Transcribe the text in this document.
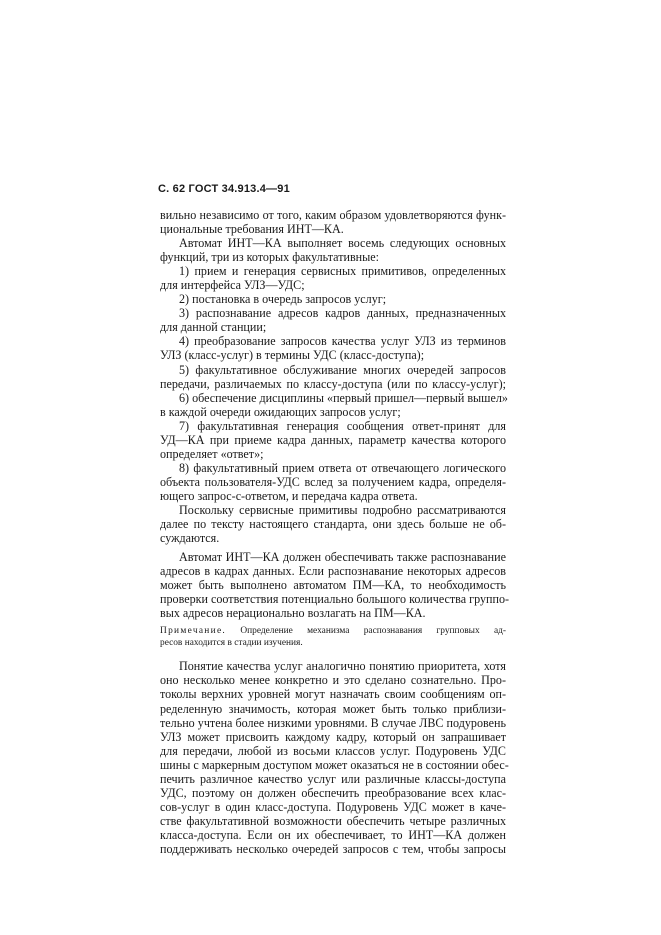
С. 62 ГОСТ 34.913.4—91
вильно независимо от того, каким образом удовлетворяются функ-
циональные требования ИНТ—КА.
Автомат ИНТ—КА выполняет восемь следующих основных
функций, три из которых факультативные:
1) прием и генерация сервисных примитивов, определенных
для интерфейса УЛЗ—УДС;
2) постановка в очередь запросов услуг;
3) распознавание адресов кадров данных, предназначенных
для данной станции;
4) преобразование запросов качества услуг УЛЗ из терминов
УЛЗ (класс-услуг) в термины УДС (класс-доступа);
5) факультативное обслуживание многих очередей запросов
передачи, различаемых по классу-доступа (или по классу-услуг);
6) обеспечение дисциплины «первый пришел—первый вышел»
в каждой очереди ожидающих запросов услуг;
7) факультативная генерация сообщения ответ-принят для
УД—КА при приеме кадра данных, параметр качества которого
определяет «ответ»;
8) факультативный прием ответа от отвечающего логического
объекта пользователя-УДС вслед за получением кадра, определя-
ющего запрос-с-ответом, и передача кадра ответа.
Поскольку сервисные примитивы подробно рассматриваются
далее по тексту настоящего стандарта, они здесь больше не об-
суждаются.
Автомат ИНТ—КА должен обеспечивать также распознавание
адресов в кадрах данных. Если распознавание некоторых адресов
может быть выполнено автоматом ПМ—КА, то необходимость
проверки соответствия потенциально большого количества группо-
вых адресов нерационально возлагать на ПМ—КА.
Примечание. Определение механизма распознавания групповых ад-
ресов находится в стадии изучения.
Понятие качества услуг аналогично понятию приоритета, хотя
оно несколько менее конкретно и это сделано сознательно. Про-
токолы верхних уровней могут назначать своим сообщениям оп-
ределенную значимость, которая может быть только приблизи-
тельно учтена более низкими уровнями. В случае ЛВС подуровень
УЛЗ может присвоить каждому кадру, который он запрашивает
для передачи, любой из восьми классов услуг. Подуровень УДС
шины с маркерным доступом может оказаться не в состоянии обес-
печить различное качество услуг или различные классы-доступа
УДС, поэтому он должен обеспечить преобразование всех клас-
сов-услуг в один класс-доступа. Подуровень УДС может в каче-
стве факультативной возможности обеспечить четыре различных
класса-доступа. Если он их обеспечивает, то ИНТ—КА должен
поддерживать несколько очередей запросов с тем, чтобы запросы
